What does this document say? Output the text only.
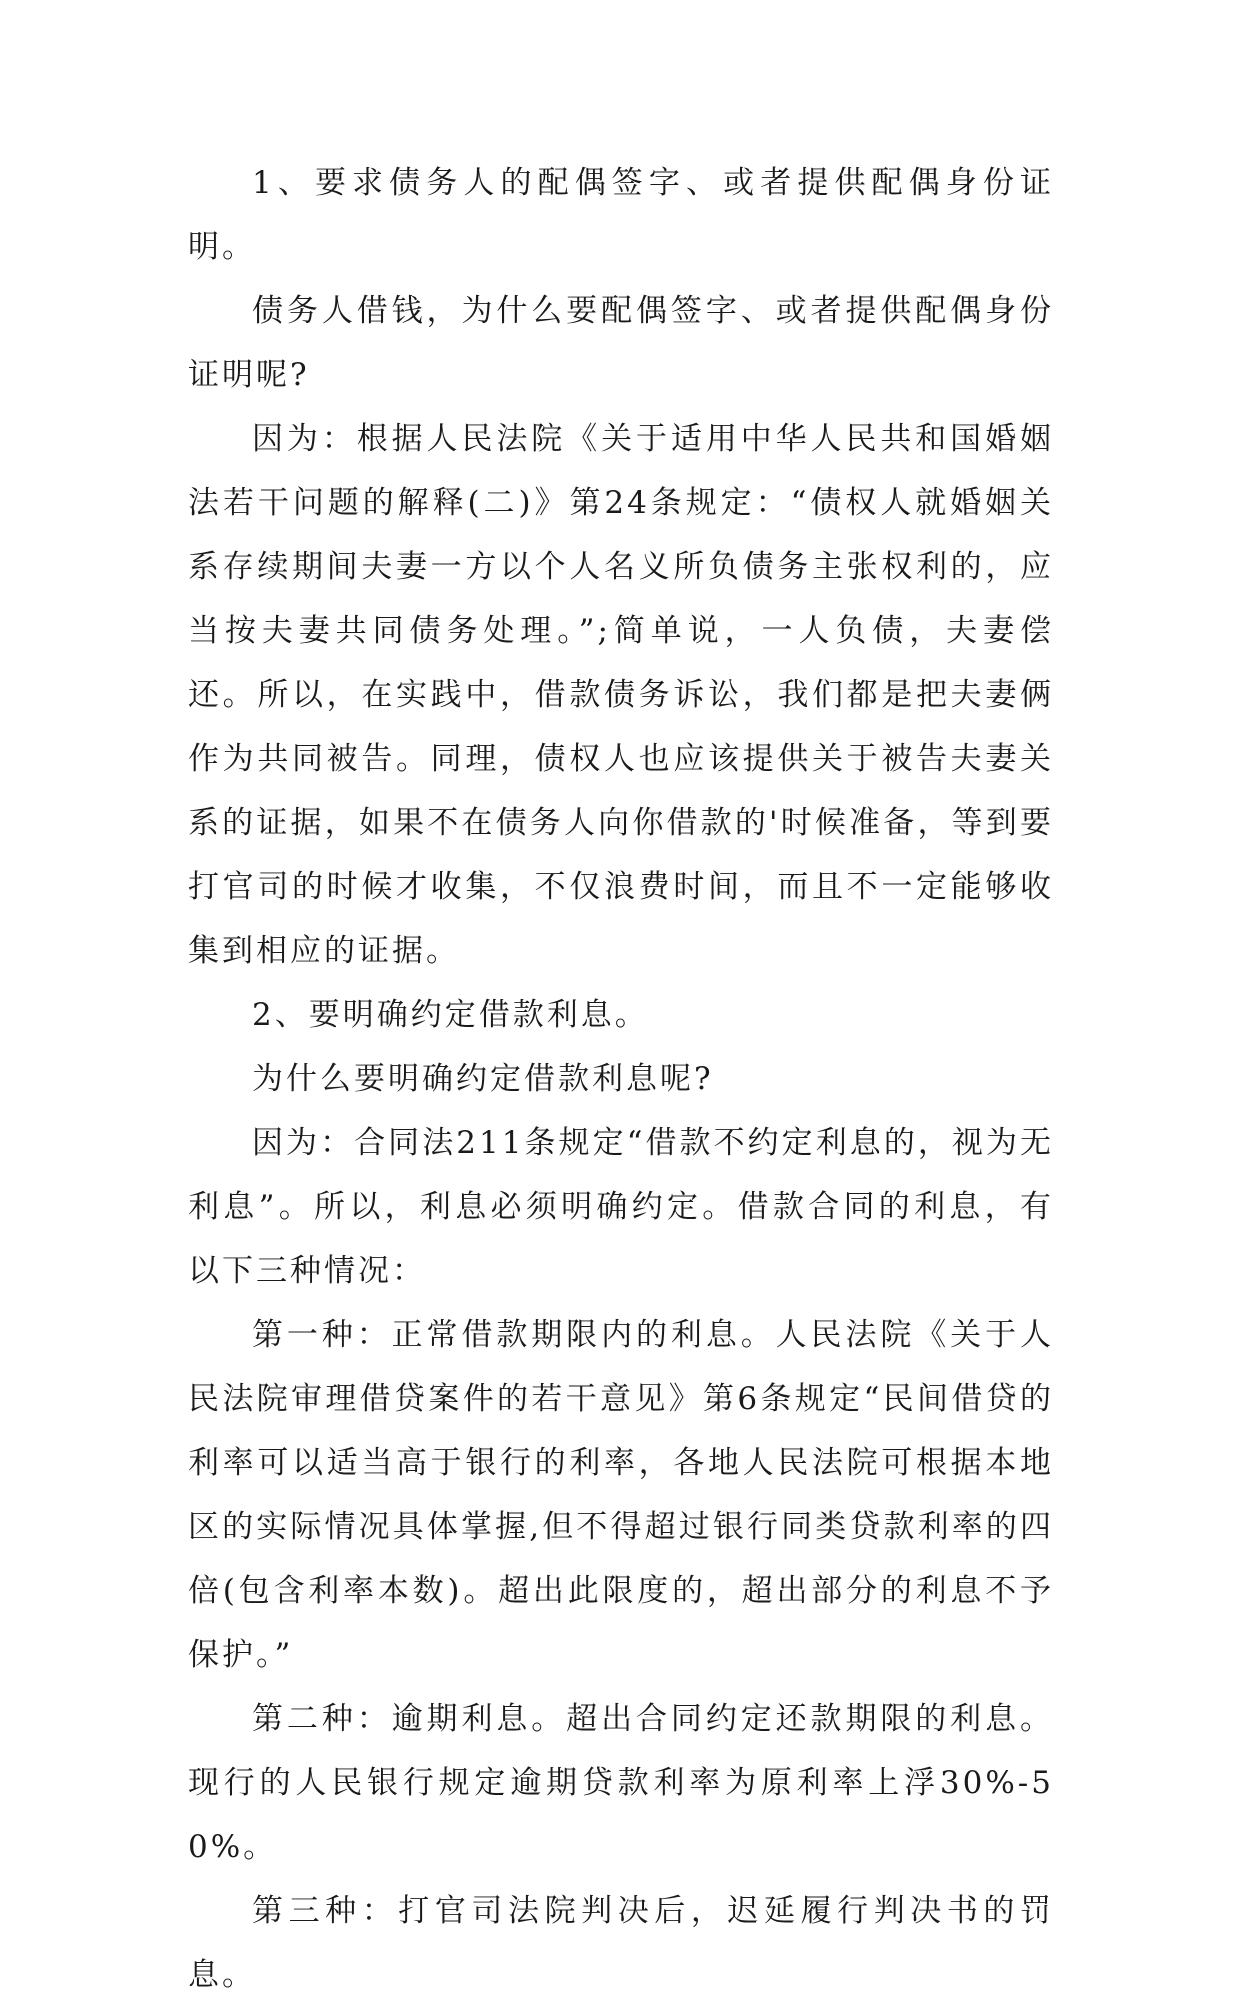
1、要求债务人的配偶签字、或者提供配偶身份证明。

债务人借钱，为什么要配偶签字、或者提供配偶身份证明呢?

因为：根据人民法院《关于适用中华人民共和国婚姻法若干问题的解释(二)》第24条规定：“债权人就婚姻关系存续期间夫妻一方以个人名义所负债务主张权利的，应当按夫妻共同债务处理。”;简单说，一人负债，夫妻偿还。所以，在实践中，借款债务诉讼，我们都是把夫妻俩作为共同被告。同理，债权人也应该提供关于被告夫妻关系的证据，如果不在债务人向你借款的'时候准备，等到要打官司的时候才收集，不仅浪费时间，而且不一定能够收集到相应的证据。

2、要明确约定借款利息。

为什么要明确约定借款利息呢?

因为：合同法211条规定“借款不约定利息的，视为无利息”。所以，利息必须明确约定。借款合同的利息，有以下三种情况：

第一种：正常借款期限内的利息。人民法院《关于人民法院审理借贷案件的若干意见》第6条规定“民间借贷的利率可以适当高于银行的利率，各地人民法院可根据本地区的实际情况具体掌握,但不得超过银行同类贷款利率的四倍(包含利率本数)。超出此限度的，超出部分的利息不予保护。”

第二种：逾期利息。超出合同约定还款期限的利息。现行的人民银行规定逾期贷款利率为原利率上浮30%-50%。

第三种：打官司法院判决后，迟延履行判决书的罚息。
